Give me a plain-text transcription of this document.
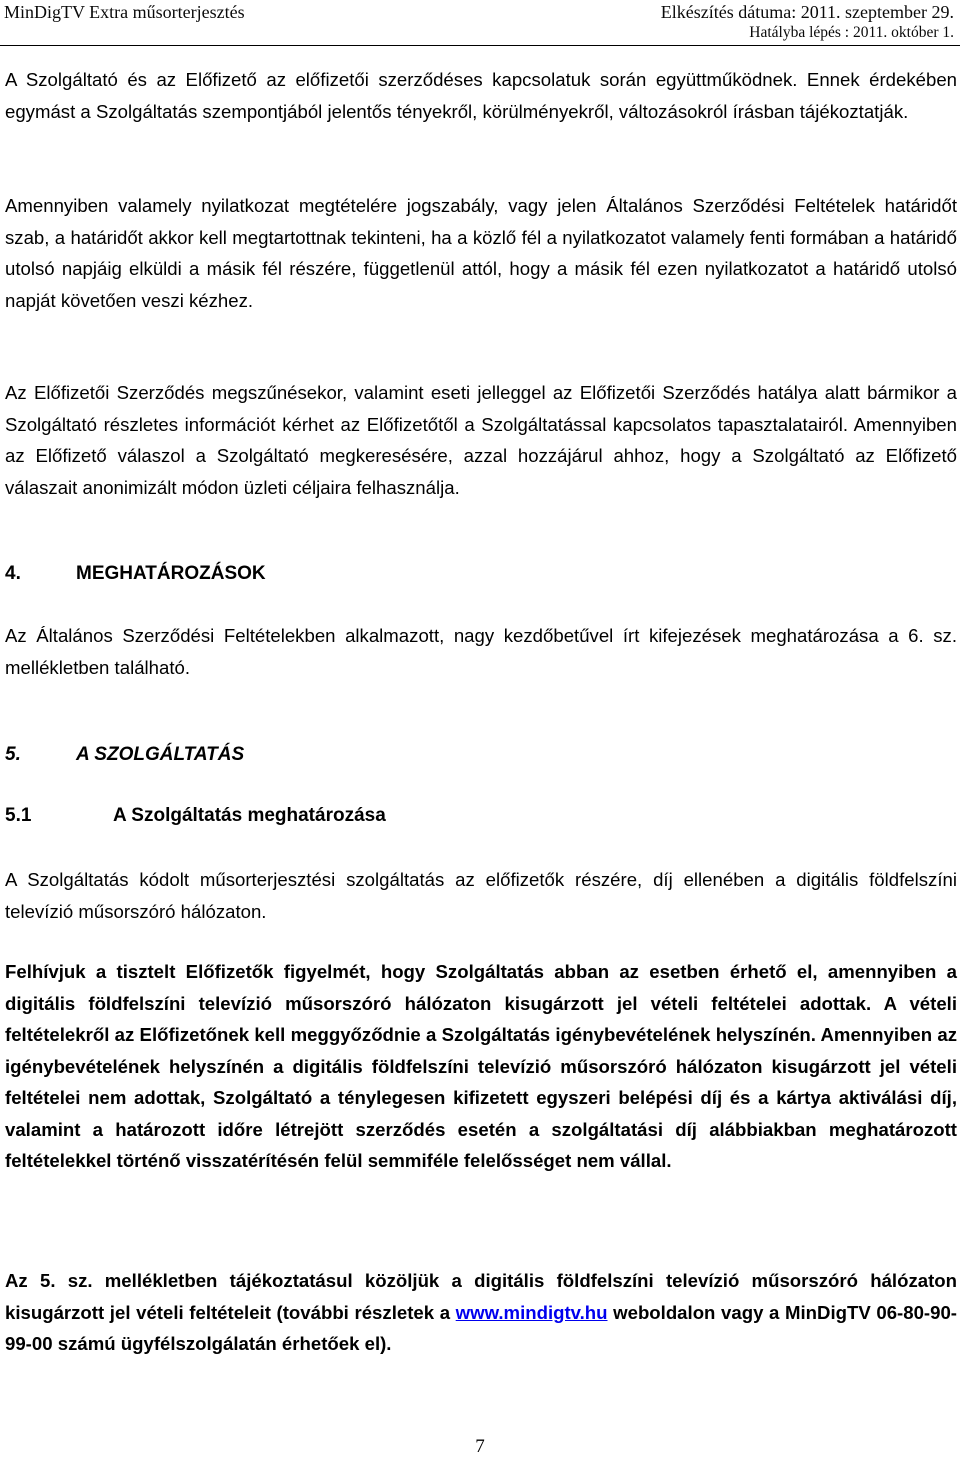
MinDigTV Extra műsorterjesztés	Elkészítés dátuma: 2011. szeptember 29.
Hatályba lépés : 2011. október 1.

A Szolgáltató és az Előfizető az előfizetői szerződéses kapcsolatuk során együttműködnek. Ennek érdekében egymást a Szolgáltatás szempontjából jelentős tényekről, körülményekről, változásokról írásban tájékoztatják.

Amennyiben valamely nyilatkozat megtételére jogszabály, vagy jelen Általános Szerződési Feltételek határidőt szab, a határidőt akkor kell megtartottnak tekinteni, ha a közlő fél a nyilatkozatot valamely fenti formában a határidő utolsó napjáig elküldi a másik fél részére, függetlenül attól, hogy a másik fél ezen nyilatkozatot a határidő utolsó napját követően veszi kézhez.

Az Előfizetői Szerződés megszűnésekor, valamint eseti jelleggel az Előfizetői Szerződés hatálya alatt bármikor a Szolgáltató részletes információt kérhet az Előfizetőtől a Szolgáltatással kapcsolatos tapasztalatairól. Amennyiben az Előfizető válaszol a Szolgáltató megkeresésére, azzal hozzájárul ahhoz, hogy a Szolgáltató az Előfizető válaszait anonimizált módon üzleti céljaira felhasználja.

4.	MEGHATÁROZÁSOK

Az Általános Szerződési Feltételekben alkalmazott, nagy kezdőbetűvel írt kifejezések meghatározása a 6. sz. mellékletben található.

5.	A SZOLGÁLTATÁS
5.1	A Szolgáltatás meghatározása

A Szolgáltatás kódolt műsorterjesztési szolgáltatás az előfizetők részére, díj ellenében a digitális földfelszíni televízió műsorszóró hálózaton.

Felhívjuk a tisztelt Előfizetők figyelmét, hogy Szolgáltatás abban az esetben érhető el, amennyiben a digitális földfelszíni televízió műsorszóró hálózaton kisugárzott jel vételi feltételei adottak. A vételi feltételekről az Előfizetőnek kell meggyőződnie a Szolgáltatás igénybevételének helyszínén. Amennyiben az igénybevételének helyszínén a digitális földfelszíni televízió műsorszóró hálózaton kisugárzott jel vételi feltételei nem adottak, Szolgáltató a ténylegesen kifizetett egyszeri belépési díj és a kártya aktiválási díj, valamint a határozott időre létrejött szerződés esetén a szolgáltatási díj alábbiakban meghatározott feltételekkel történő visszatérítésén felül semmiféle felelősséget nem vállal.

Az 5. sz. mellékletben tájékoztatásul közöljük a digitális földfelszíni televízió műsorszóró hálózaton kisugárzott jel vételi feltételeit (további részletek a www.mindigtv.hu weboldalon vagy a MinDigTV 06-80-90-99-00 számú ügyfélszolgálatán érhetőek el).

7
